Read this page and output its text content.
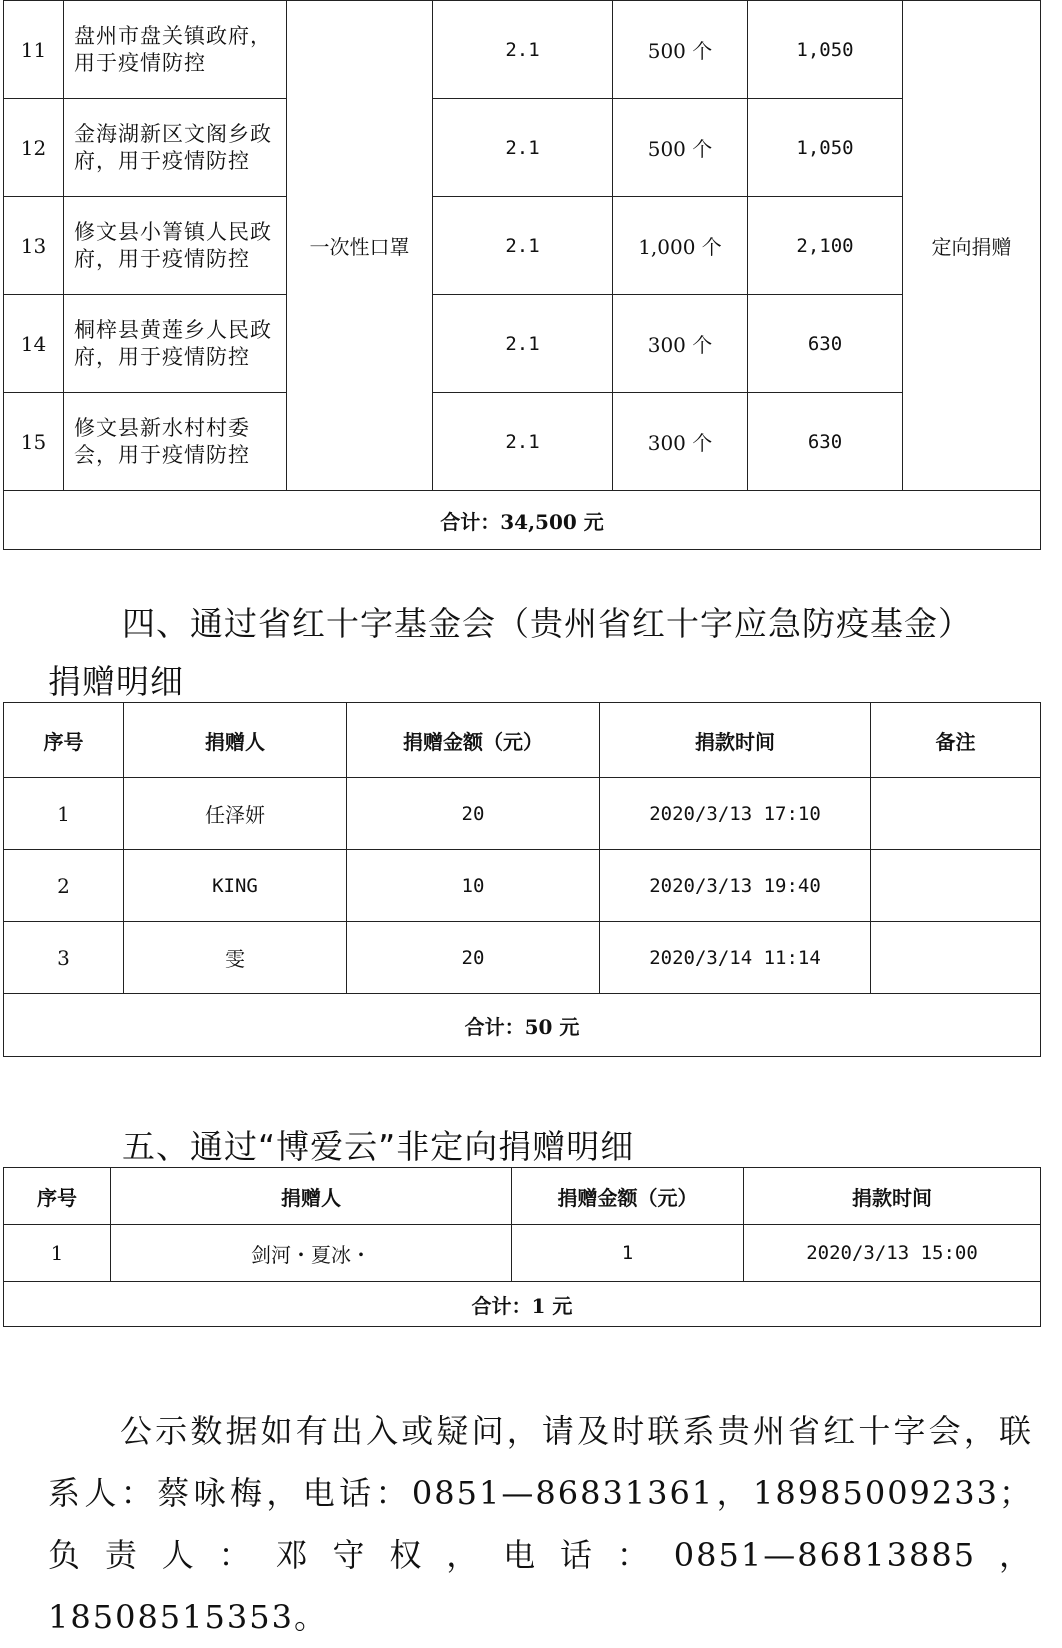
11	盘州市盘关镇政府，用于疫情防控	一次性口罩	2.1	500 个	1,050	定向捐赠
12	金海湖新区文阁乡政府，用于疫情防控		2.1	500 个	1,050	
13	修文县小箐镇人民政府，用于疫情防控		2.1	1,000 个	2,100	
14	桐梓县黄莲乡人民政府，用于疫情防控		2.1	300 个	630	
15	修文县新水村村委会，用于疫情防控		2.1	300 个	630	
合计：34,500 元						
四、通过省红十字基金会（贵州省红十字应急防疫基金）
捐赠明细
序号	捐赠人	捐赠金额（元）	捐款时间	备注
1	任泽妍	20	2020/3/13 17:10	
2	KING	10	2020/3/13 19:40	
3	雯	20	2020/3/14 11:14	
合计：50 元				
五、通过“博爱云”非定向捐赠明细
序号	捐赠人	捐赠金额（元）	捐款时间
1	剑河・夏冰・	1	2020/3/13 15:00
合计：1 元			

公示数据如有出入或疑问，请及时联系贵州省红十字会，联系人：蔡咏梅，电话：0851—86831361，18985009233；负责人：邓守权，电话：0851—86813885，18508515353。
